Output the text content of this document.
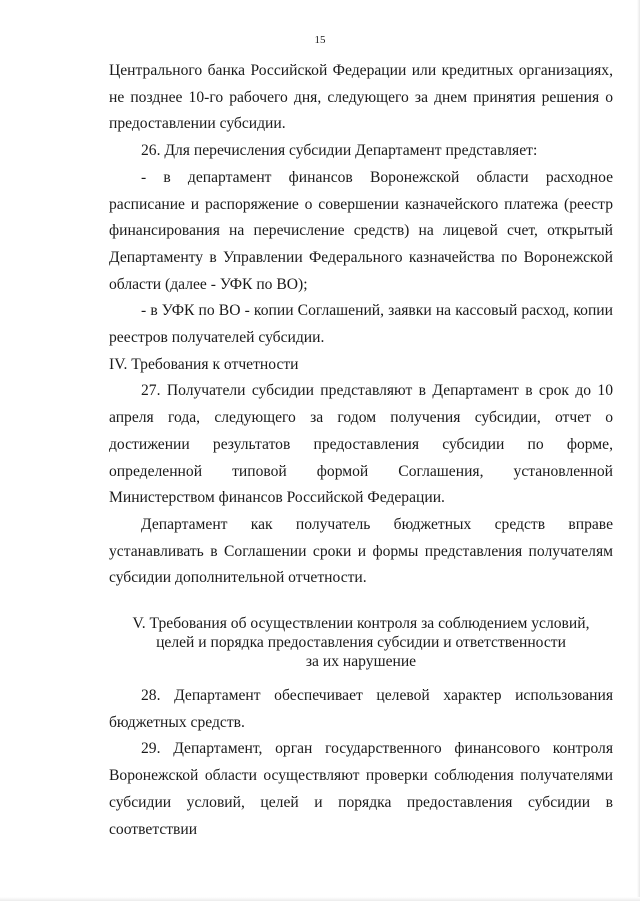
15

Центрального банка Российской Федерации или кредитных организациях, не позднее 10-го рабочего дня, следующего за днем принятия решения о предоставлении субсидии.

26. Для перечисления субсидии Департамент представляет:

- в департамент финансов Воронежской области расходное расписание и распоряжение о совершении казначейского платежа (реестр финансирования на перечисление средств) на лицевой счет, открытый Департаменту в Управлении Федерального казначейства по Воронежской области (далее - УФК по ВО);

- в УФК по ВО - копии Соглашений, заявки на кассовый расход, копии реестров получателей субсидии.

IV. Требования к отчетности

27. Получатели субсидии представляют в Департамент в срок до 10 апреля года, следующего за годом получения субсидии, отчет о достижении результатов предоставления субсидии по форме, определенной типовой формой Соглашения, установленной Министерством финансов Российской Федерации.

Департамент как получатель бюджетных средств вправе устанавливать в Соглашении сроки и формы представления получателям субсидии дополнительной отчетности.

V. Требования об осуществлении контроля за соблюдением условий,
целей и порядка предоставления субсидии и ответственности
за их нарушение

28. Департамент обеспечивает целевой характер использования бюджетных средств.

29. Департамент, орган государственного финансового контроля Воронежской области осуществляют проверки соблюдения получателями субсидии условий, целей и порядка предоставления субсидии в соответствии
